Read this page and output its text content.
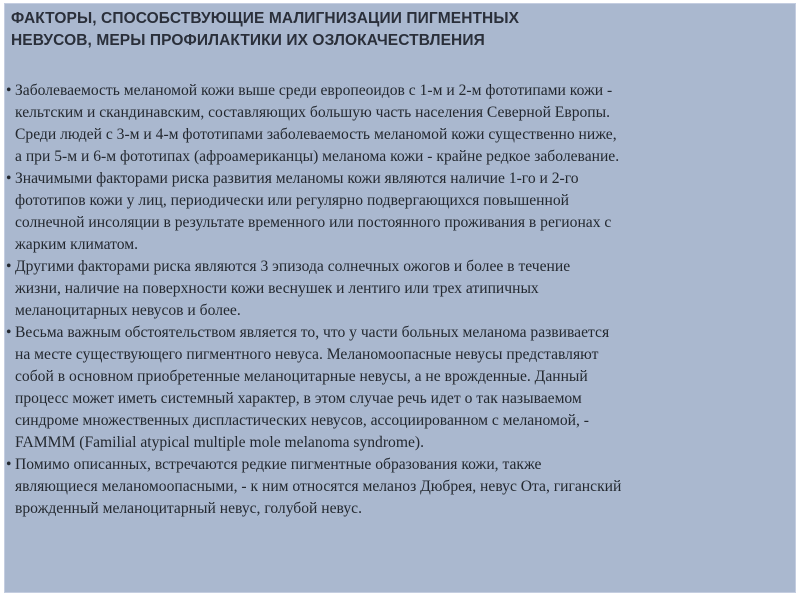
ФАКТОРЫ, СПОСОБСТВУЮЩИЕ МАЛИГНИЗАЦИИ ПИГМЕНТНЫХ
НЕВУСОВ, МЕРЫ ПРОФИЛАКТИКИ ИХ ОЗЛОКАЧЕСТВЛЕНИЯ
• Заболеваемость меланомой кожи выше среди европеоидов с 1-м и 2-м фототипами кожи -
кельтским и скандинавским, составляющих большую часть населения Северной Европы.
Среди людей с 3-м и 4-м фототипами заболеваемость меланомой кожи существенно ниже,
а при 5-м и 6-м фототипах (афроамериканцы) меланома кожи - крайне редкое заболевание.
• Значимыми факторами риска развития меланомы кожи являются наличие 1-го и 2-го
фототипов кожи у лиц, периодически или регулярно подвергающихся повышенной
солнечной инсоляции в результате временного или постоянного проживания в регионах с
жарким климатом.
• Другими факторами риска являются 3 эпизода солнечных ожогов и более в течение
жизни, наличие на поверхности кожи веснушек и лентиго или трех атипичных
меланоцитарных невусов и более.
• Весьма важным обстоятельством является то, что у части больных меланома развивается
на месте существующего пигментного невуса. Меланомоопасные невусы представляют
собой в основном приобретенные меланоцитарные невусы, а не врожденные. Данный
процесс может иметь системный характер, в этом случае речь идет о так называемом
синдроме множественных диспластических невусов, ассоциированном с меланомой, -
FAMMM (Familial atypical multiple mole melanoma syndrome).
• Помимо описанных, встречаются редкие пигментные образования кожи, также
являющиеся меланомоопасными, - к ним относятся меланоз Дюбрея, невус Ота, гиганский
врожденный меланоцитарный невус, голубой невус.
